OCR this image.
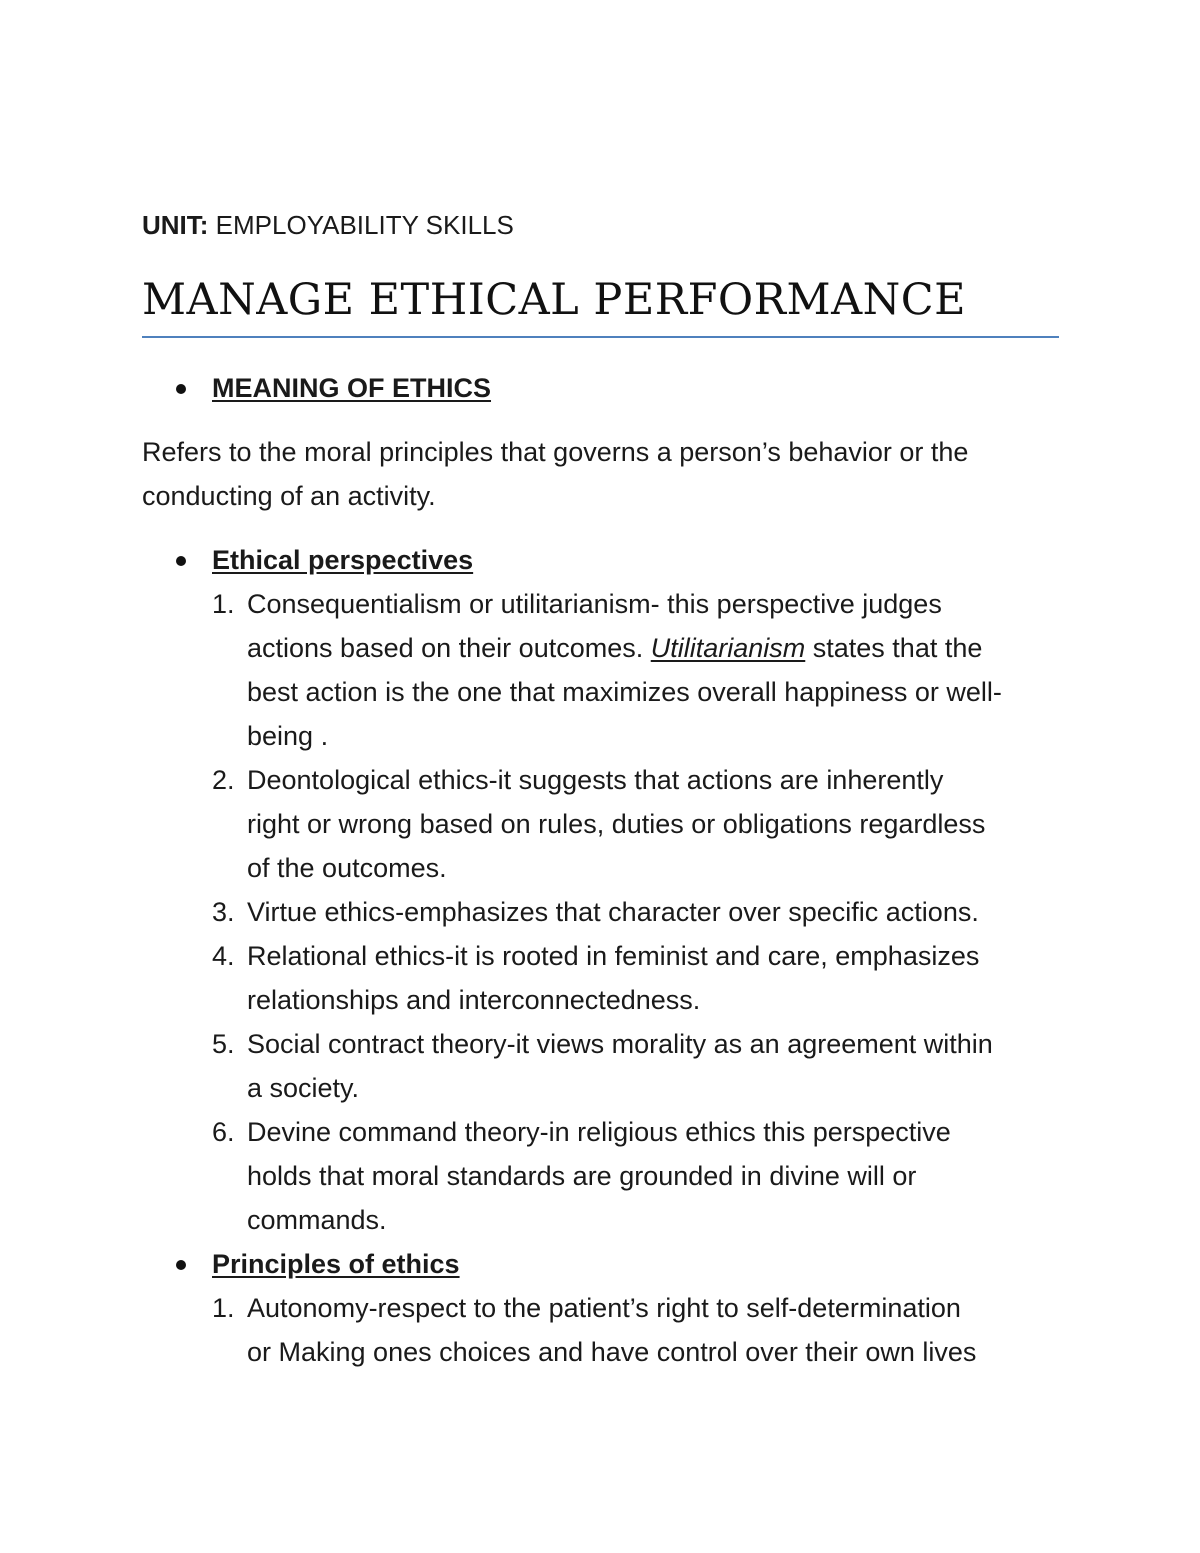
UNIT: EMPLOYABILITY SKILLS
MANAGE ETHICAL PERFORMANCE
MEANING OF ETHICS

Refers to the moral principles that governs a person’s behavior or the

conducting of an activity.

Ethical perspectives
1. Consequentialism or utilitarianism- this perspective judges
actions based on their outcomes. Utilitarianism states that the
best action is the one that maximizes overall happiness or well-
being .
2. Deontological ethics-it suggests that actions are inherently
right or wrong based on rules, duties or obligations regardless
of the outcomes.
3. Virtue ethics-emphasizes that character over specific actions.
4. Relational ethics-it is rooted in feminist and care, emphasizes
relationships and interconnectedness.
5. Social contract theory-it views morality as an agreement within
a society.
6. Devine command theory-in religious ethics this perspective
holds that moral standards are grounded in divine will or
commands.
Principles of ethics
1. Autonomy-respect to the patient’s right to self-determination
or Making ones choices and have control over their own lives
